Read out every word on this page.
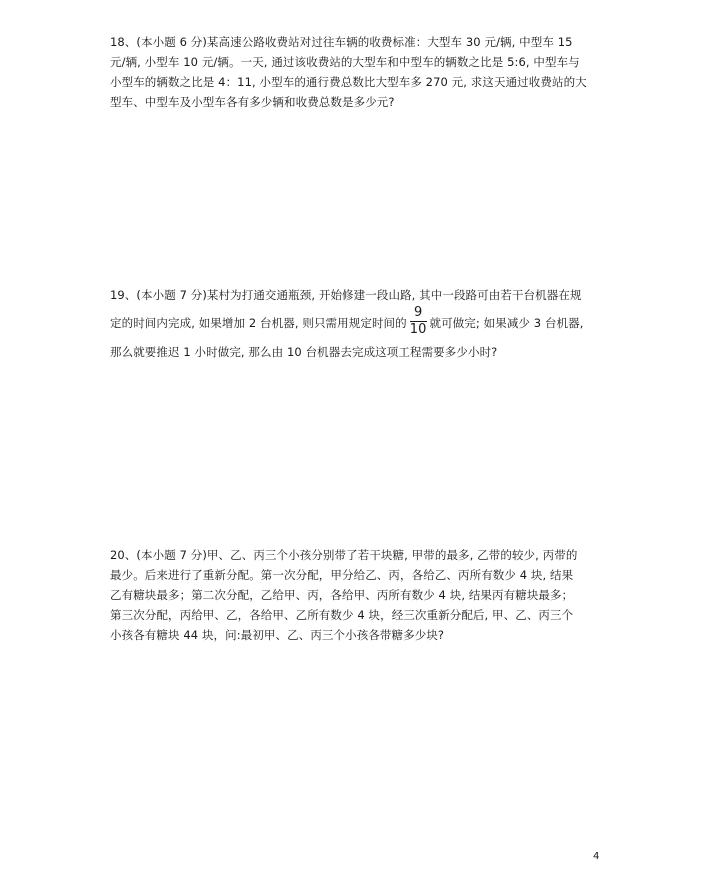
18、(本小题 6 分)某高速公路收费站对过往车辆的收费标准：大型车 30 元/辆, 中型车 15
元/辆, 小型车 10 元/辆。一天, 通过该收费站的大型车和中型车的辆数之比是 5:6, 中型车与
小型车的辆数之比是 4：11, 小型车的通行费总数比大型车多 270 元, 求这天通过收费站的大
型车、中型车及小型车各有多少辆和收费总数是多少元?
19、(本小题 7 分)某村为打通交通瓶颈, 开始修建一段山路, 其中一段路可由若干台机器在规
定的时间内完成, 如果增加 2 台机器, 则只需用规定时间的 $\frac{9}{10}$ 就可做完; 如果减少 3 台机器,
那么就要推迟 1 小时做完, 那么由 10 台机器去完成这项工程需要多少小时?
20、(本小题 7 分)甲、乙、丙三个小孩分别带了若干块糖, 甲带的最多, 乙带的较少, 丙带的
最少。后来进行了重新分配。第一次分配，甲分给乙、丙，各给乙、丙所有数少 4 块, 结果
乙有糖块最多；第二次分配，乙给甲、丙，各给甲、丙所有数少 4 块, 结果丙有糖块最多；
第三次分配，丙给甲、乙，各给甲、乙所有数少 4 块，经三次重新分配后, 甲、乙、丙三个
小孩各有糖块 44 块，问:最初甲、乙、丙三个小孩各带糖多少块?
4
